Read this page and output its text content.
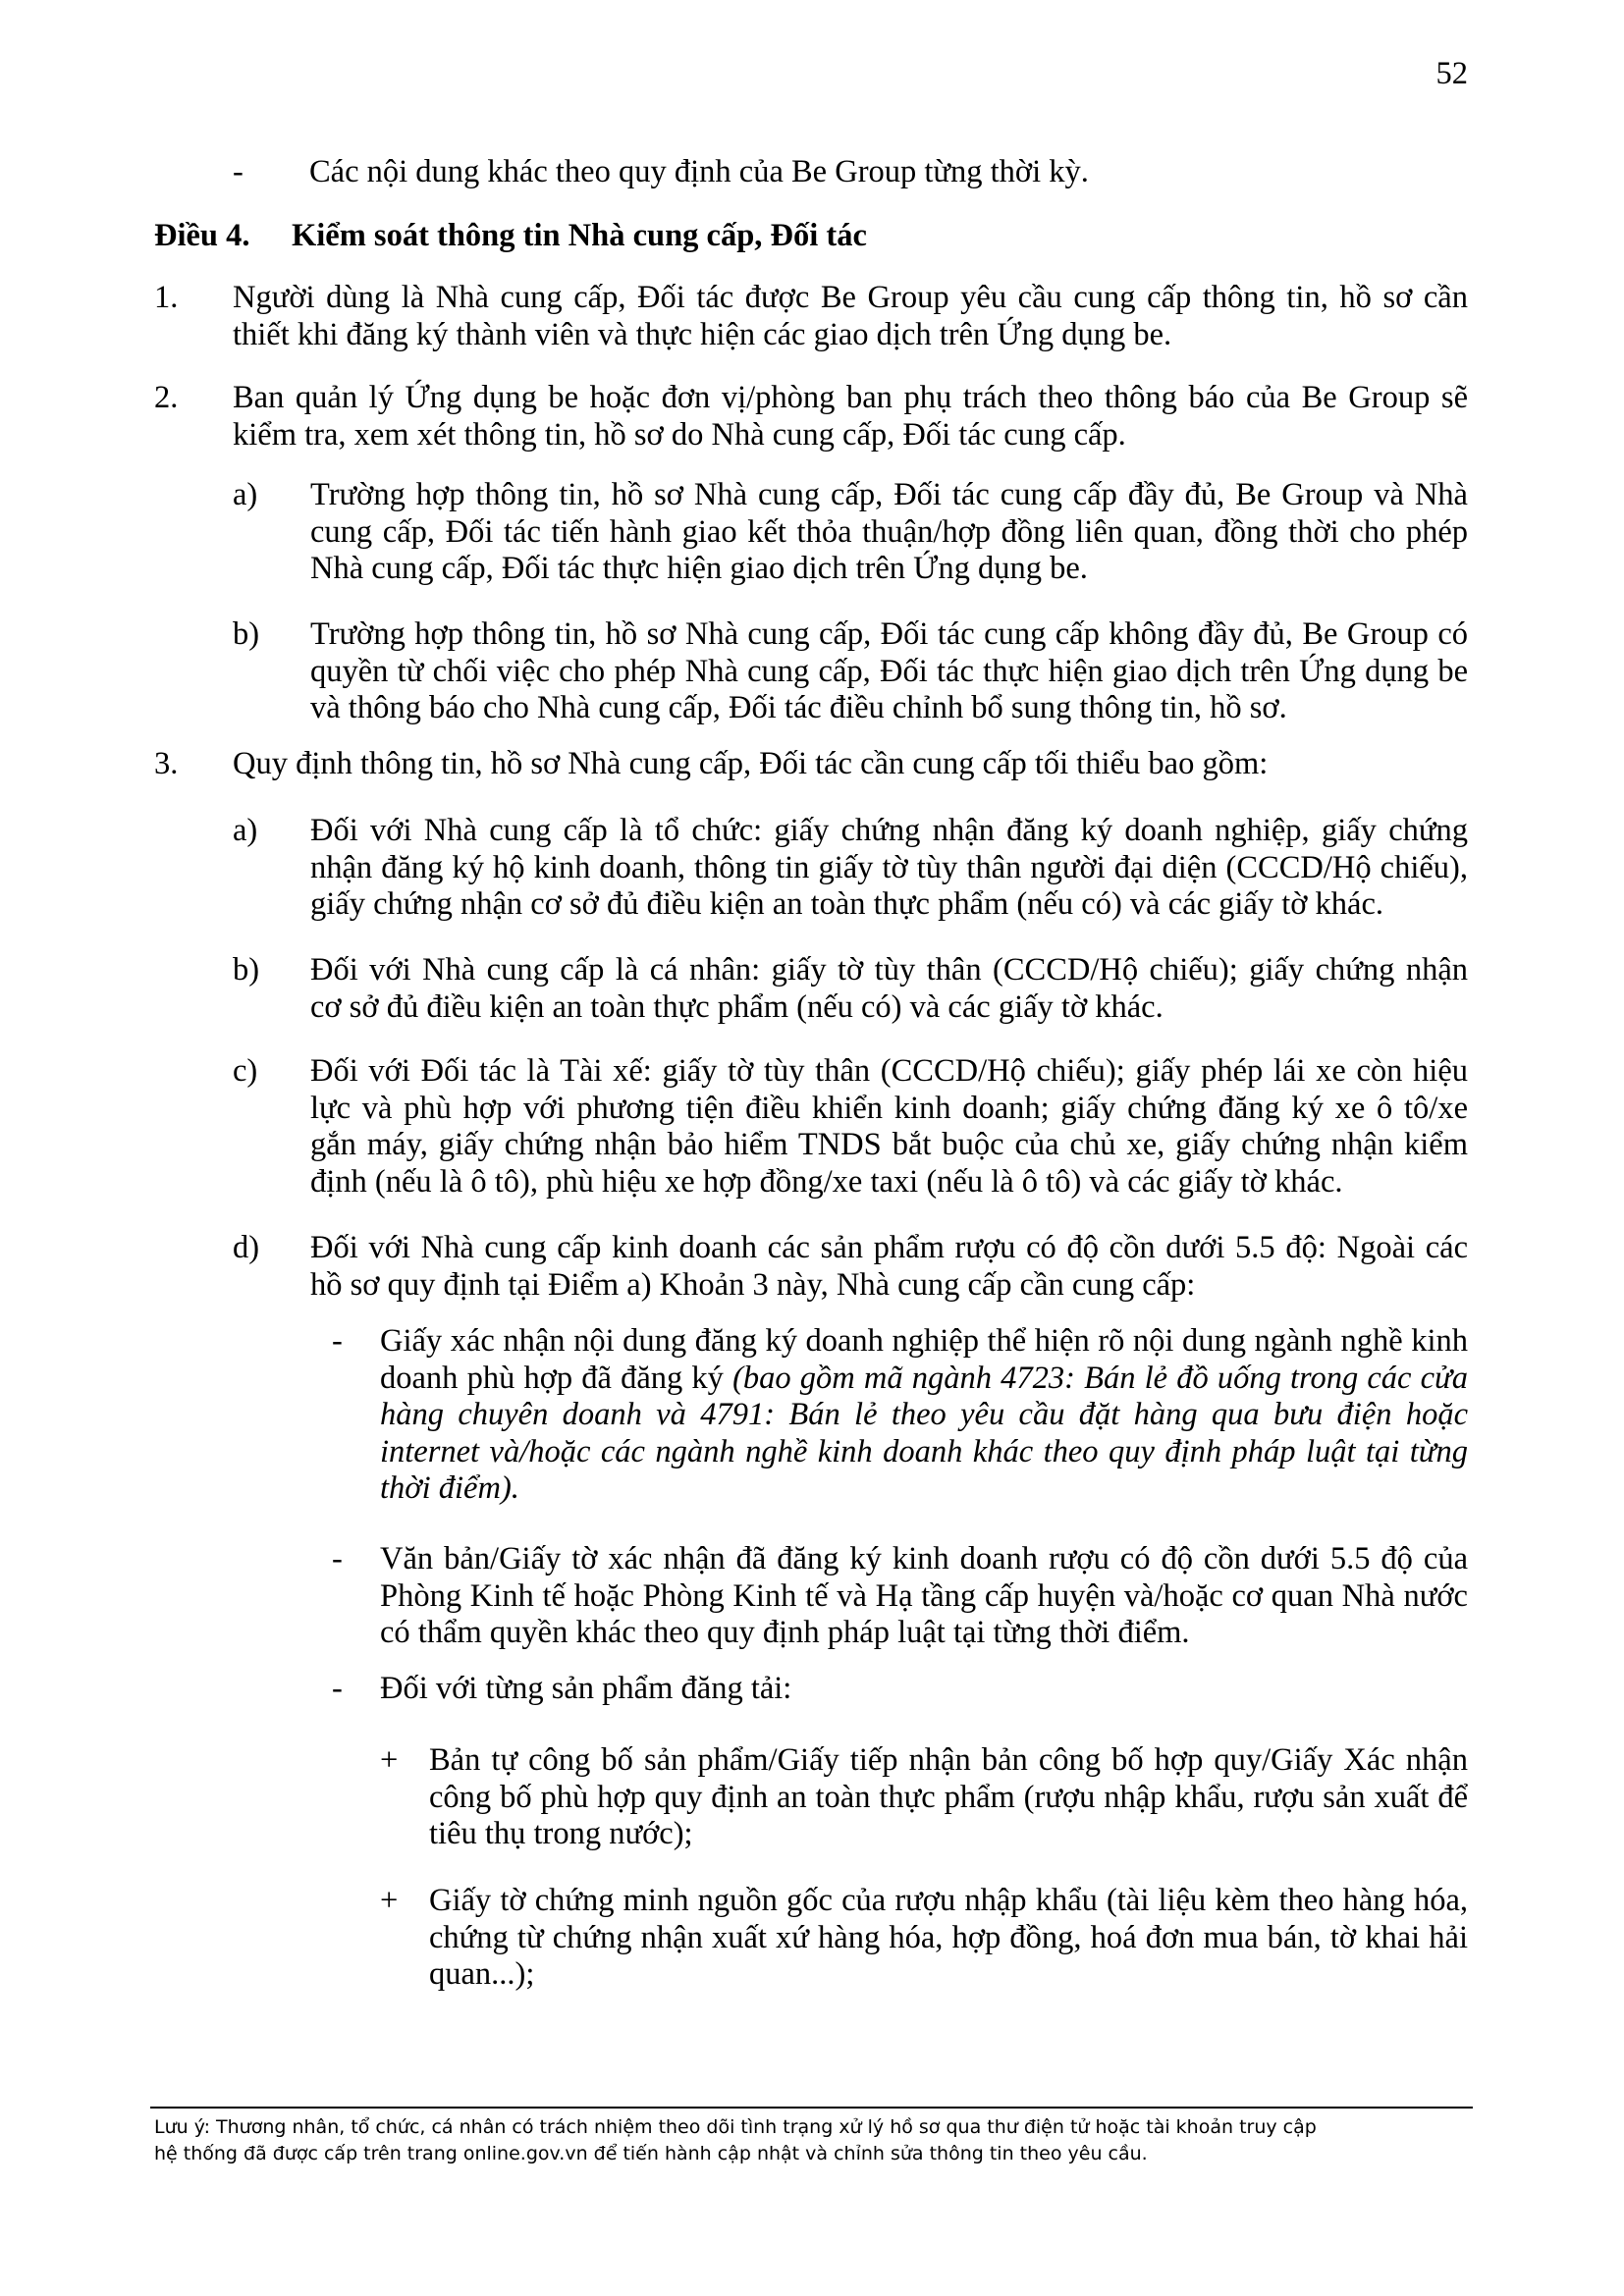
52
- Các nội dung khác theo quy định của Be Group từng thời kỳ.
Điều 4. Kiểm soát thông tin Nhà cung cấp, Đối tác
1. Người dùng là Nhà cung cấp, Đối tác được Be Group yêu cầu cung cấp thông tin, hồ sơ cần
thiết khi đăng ký thành viên và thực hiện các giao dịch trên Ứng dụng be.
2. Ban quản lý Ứng dụng be hoặc đơn vị/phòng ban phụ trách theo thông báo của Be Group sẽ
kiểm tra, xem xét thông tin, hồ sơ do Nhà cung cấp, Đối tác cung cấp.
a) Trường hợp thông tin, hồ sơ Nhà cung cấp, Đối tác cung cấp đầy đủ, Be Group và Nhà
cung cấp, Đối tác tiến hành giao kết thỏa thuận/hợp đồng liên quan, đồng thời cho phép
Nhà cung cấp, Đối tác thực hiện giao dịch trên Ứng dụng be.
b) Trường hợp thông tin, hồ sơ Nhà cung cấp, Đối tác cung cấp không đầy đủ, Be Group có
quyền từ chối việc cho phép Nhà cung cấp, Đối tác thực hiện giao dịch trên Ứng dụng be
và thông báo cho Nhà cung cấp, Đối tác điều chỉnh bổ sung thông tin, hồ sơ.
3. Quy định thông tin, hồ sơ Nhà cung cấp, Đối tác cần cung cấp tối thiểu bao gồm:
a) Đối với Nhà cung cấp là tổ chức: giấy chứng nhận đăng ký doanh nghiệp, giấy chứng
nhận đăng ký hộ kinh doanh, thông tin giấy tờ tùy thân người đại diện (CCCD/Hộ chiếu),
giấy chứng nhận cơ sở đủ điều kiện an toàn thực phẩm (nếu có) và các giấy tờ khác.
b) Đối với Nhà cung cấp là cá nhân: giấy tờ tùy thân (CCCD/Hộ chiếu); giấy chứng nhận
cơ sở đủ điều kiện an toàn thực phẩm (nếu có) và các giấy tờ khác.
c) Đối với Đối tác là Tài xế: giấy tờ tùy thân (CCCD/Hộ chiếu); giấy phép lái xe còn hiệu
lực và phù hợp với phương tiện điều khiển kinh doanh; giấy chứng đăng ký xe ô tô/xe
gắn máy, giấy chứng nhận bảo hiểm TNDS bắt buộc của chủ xe, giấy chứng nhận kiểm
định (nếu là ô tô), phù hiệu xe hợp đồng/xe taxi (nếu là ô tô) và các giấy tờ khác.
d) Đối với Nhà cung cấp kinh doanh các sản phẩm rượu có độ cồn dưới 5.5 độ: Ngoài các
hồ sơ quy định tại Điểm a) Khoản 3 này, Nhà cung cấp cần cung cấp:
- Giấy xác nhận nội dung đăng ký doanh nghiệp thể hiện rõ nội dung ngành nghề kinh
doanh phù hợp đã đăng ký (bao gồm mã ngành 4723: Bán lẻ đồ uống trong các cửa
hàng chuyên doanh và 4791: Bán lẻ theo yêu cầu đặt hàng qua bưu điện hoặc
internet và/hoặc các ngành nghề kinh doanh khác theo quy định pháp luật tại từng
thời điểm).
- Văn bản/Giấy tờ xác nhận đã đăng ký kinh doanh rượu có độ cồn dưới 5.5 độ của
Phòng Kinh tế hoặc Phòng Kinh tế và Hạ tầng cấp huyện và/hoặc cơ quan Nhà nước
có thẩm quyền khác theo quy định pháp luật tại từng thời điểm.
- Đối với từng sản phẩm đăng tải:
+ Bản tự công bố sản phẩm/Giấy tiếp nhận bản công bố hợp quy/Giấy Xác nhận
công bố phù hợp quy định an toàn thực phẩm (rượu nhập khẩu, rượu sản xuất để
tiêu thụ trong nước);
+ Giấy tờ chứng minh nguồn gốc của rượu nhập khẩu (tài liệu kèm theo hàng hóa,
chứng từ chứng nhận xuất xứ hàng hóa, hợp đồng, hoá đơn mua bán, tờ khai hải
quan...);
Lưu ý: Thương nhân, tổ chức, cá nhân có trách nhiệm theo dõi tình trạng xử lý hồ sơ qua thư điện tử hoặc tài khoản truy cập
hệ thống đã được cấp trên trang online.gov.vn để tiến hành cập nhật và chỉnh sửa thông tin theo yêu cầu.
